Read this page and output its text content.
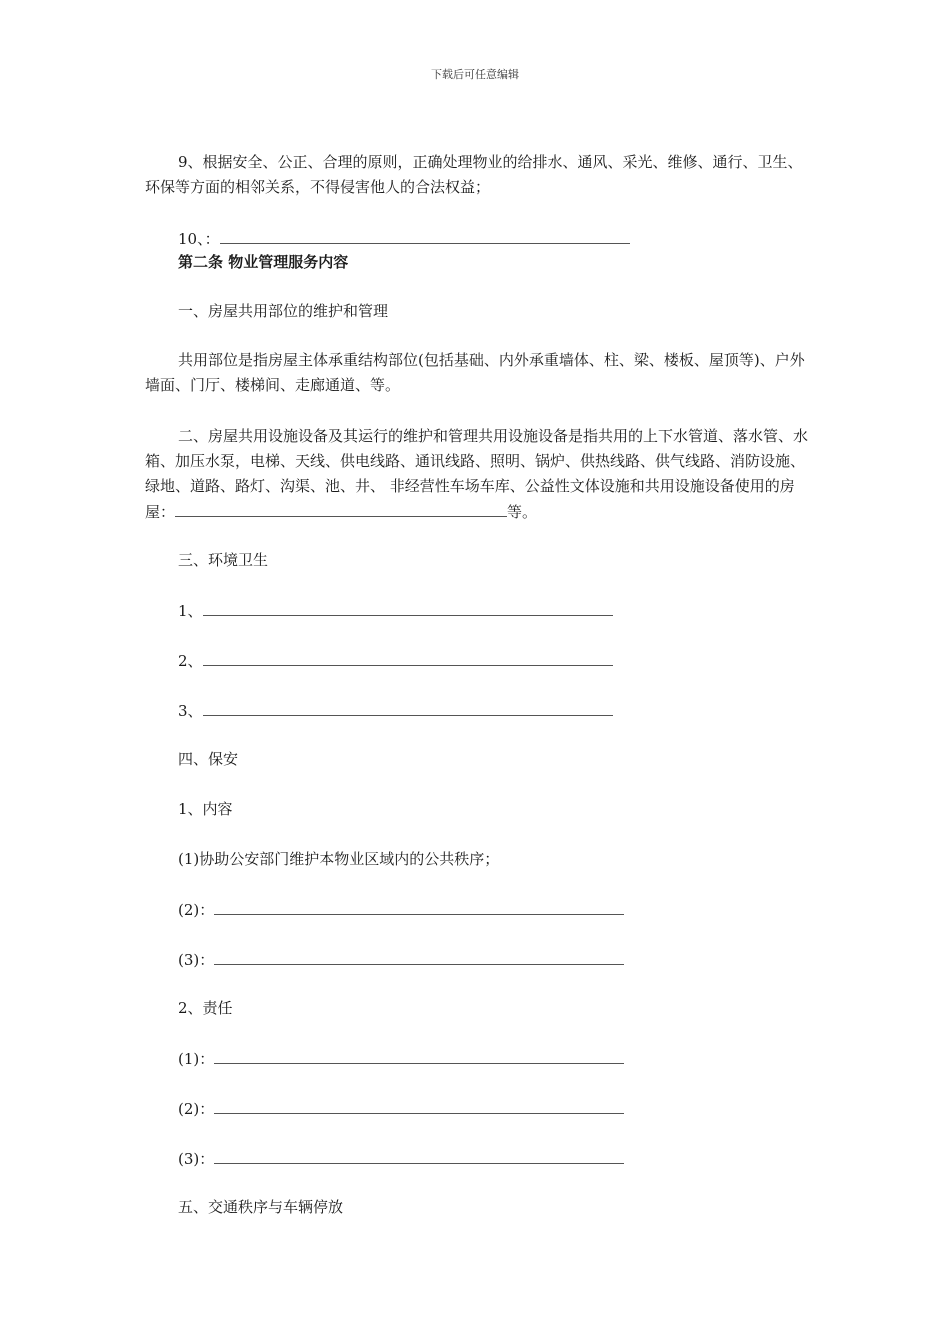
下载后可任意编辑
9、根据安全、公正、合理的原则，正确处理物业的给排水、通风、采光、维修、通行、卫生、环保等方面的相邻关系，不得侵害他人的合法权益；
10、：
第二条 物业管理服务内容
一、房屋共用部位的维护和管理
共用部位是指房屋主体承重结构部位(包括基础、内外承重墙体、柱、梁、楼板、屋顶等)、户外墙面、门厅、楼梯间、走廊通道、等。
二、房屋共用设施设备及其运行的维护和管理共用设施设备是指共用的上下水管道、落水管、水箱、加压水泵，电梯、天线、供电线路、通讯线路、照明、锅炉、供热线路、供气线路、消防设施、绿地、道路、路灯、沟渠、池、井、 非经营性车场车库、公益性文体设施和共用设施设备使用的房屋：	等。
三、环境卫生
1、
2、
3、
四、保安
1、内容
(1)协助公安部门维护本物业区域内的公共秩序；
(2)：
(3)：
2、责任
(1)：
(2)：
(3)：
五、交通秩序与车辆停放
